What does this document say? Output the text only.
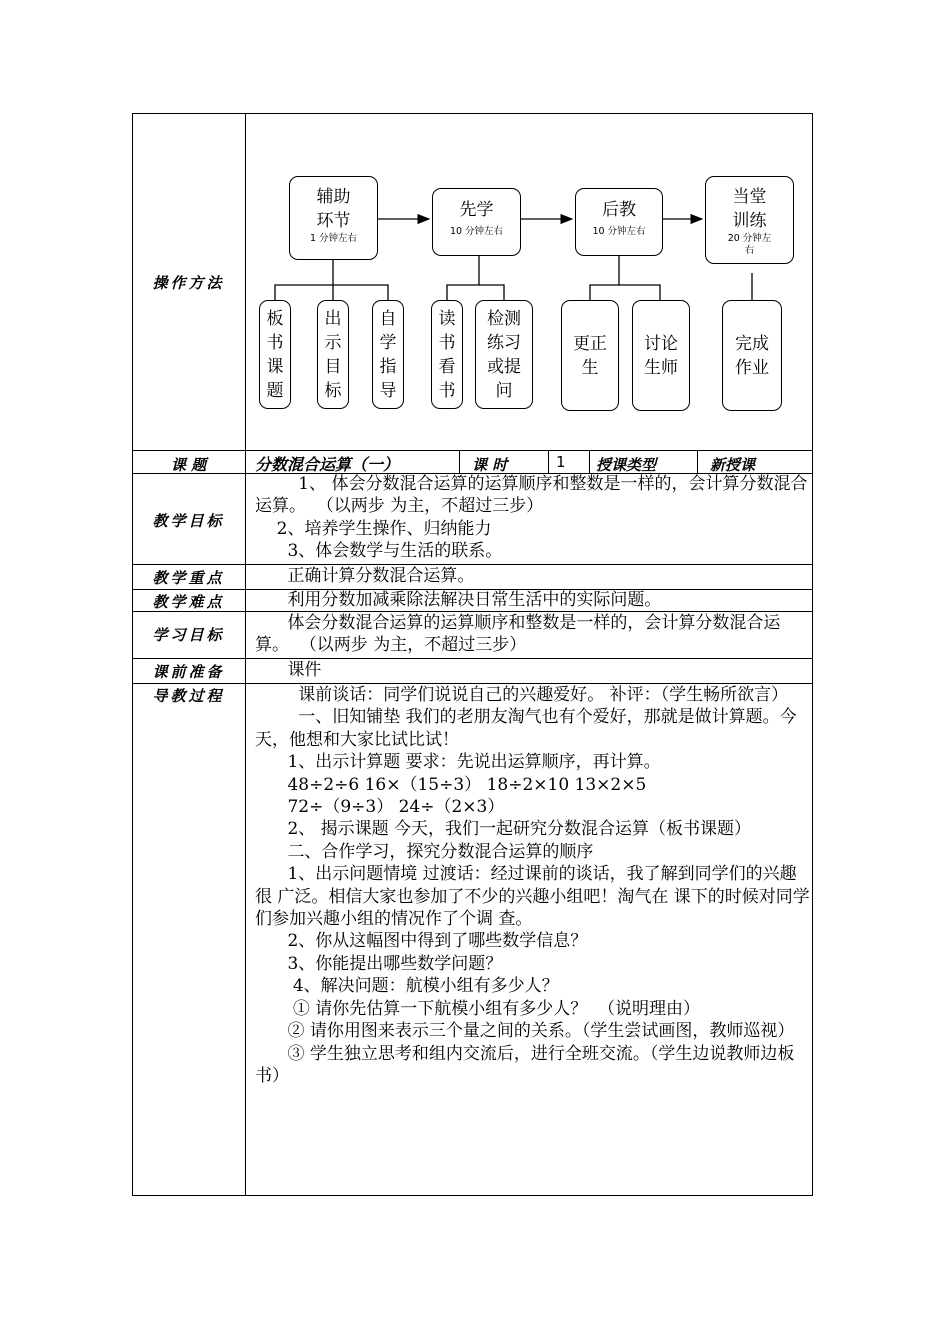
操作方法
辅助
环节
1 分钟左右
先学
10 分钟左右
后教
10 分钟左右
当堂
训练
20 分钟左
右
板
书
课
题
出
示
目
标
自
学
指
导
读
书
看
书
检测
练习
或提
问
更正
生
讨论
生师
完成
作业
课 题	分数混合运算（一）	课 时	1 授课类型	新授课
教学目标
1、 体会分数混合运算的运算顺序和整数是一样的，会计算分数混合运算。  （以两步 为主，不超过三步）
2、培养学生操作、归纳能力
3、体会数学与生活的联系。
教学重点	正确计算分数混合运算。
教学难点	利用分数加减乘除法解决日常生活中的实际问题。
学习目标
体会分数混合运算的运算顺序和整数是一样的，会计算分数混合运算。  （以两步 为主，不超过三步）
课前准备	课件
导教过程	课前谈话：同学们说说自己的兴趣爱好。 补评：（学生畅所欲言）
一、旧知铺垫 我们的老朋友淘气也有个爱好，那就是做计算题。今 天，他想和大家比试比试！
1、出示计算题 要求：先说出运算顺序，再计算。
48÷2÷6 16×（15÷3） 18÷2×10 13×2×5
72÷（9÷3） 24÷（2×3）
2、 揭示课题 今天，我们一起研究分数混合运算（板书课题）
二、合作学习，探究分数混合运算的顺序
1、出示问题情境 过渡话：经过课前的谈话，我了解到同学们的兴趣很 广泛。相信大家也参加了不少的兴趣小组吧！淘气在 课下的时候对同学们参加兴趣小组的情况作了个调 查。
2、你从这幅图中得到了哪些数学信息？
3、你能提出哪些数学问题？
4、解决问题：航模小组有多少人？
① 请你先估算一下航模小组有多少人？  （说明理由）
② 请你用图来表示三个量之间的关系。（学生尝试画图，教师巡视）
③ 学生独立思考和组内交流后，进行全班交流。（学生边说教师边板书）
